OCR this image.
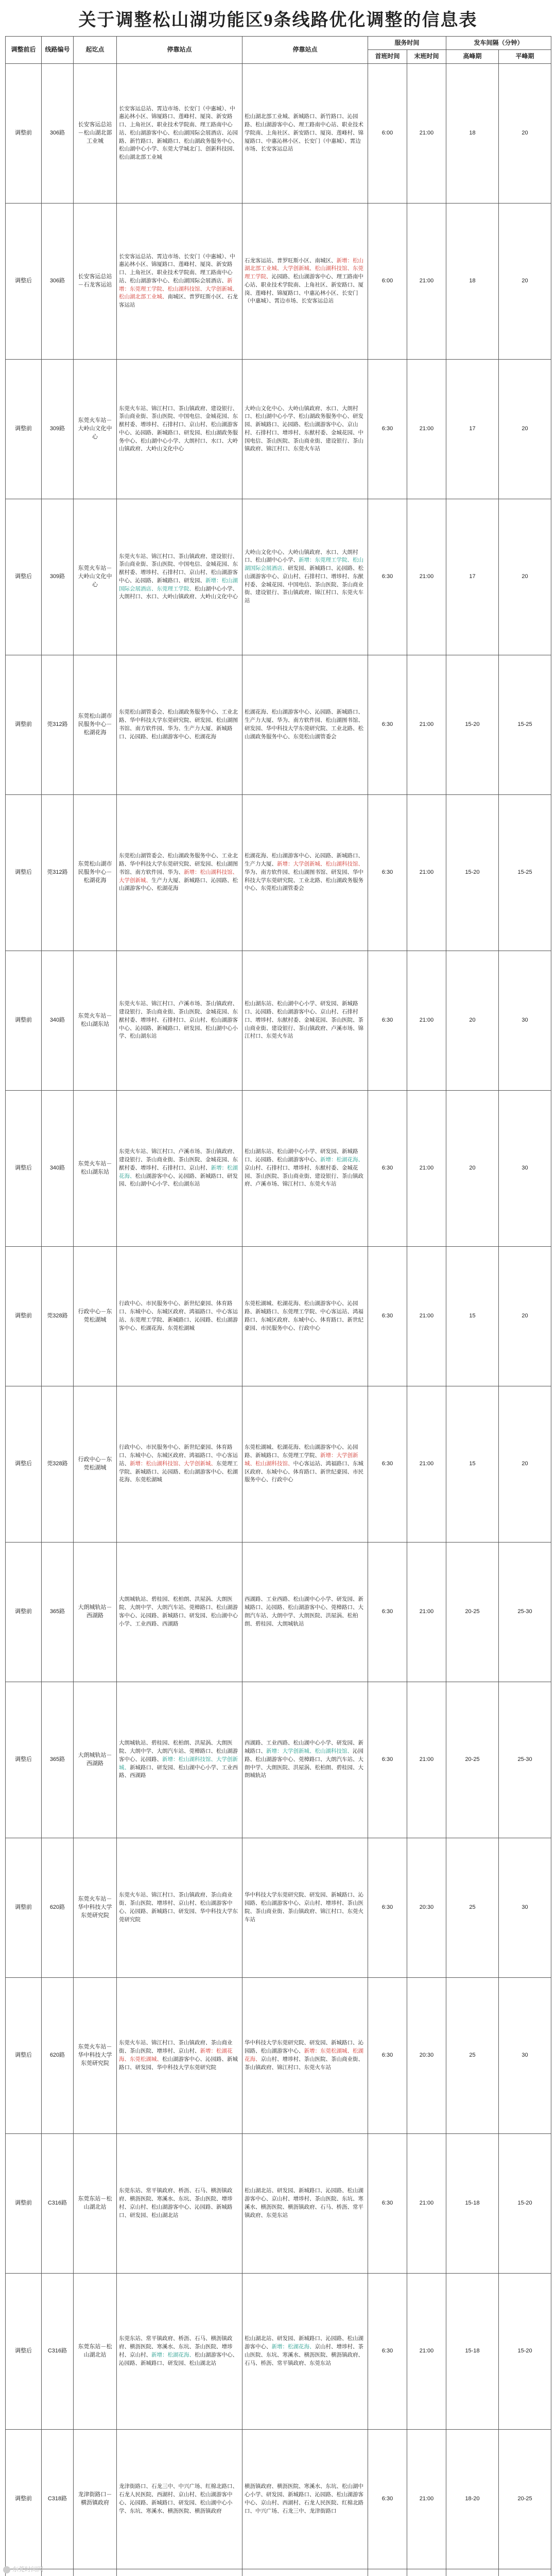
关于调整松山湖功能区9条线路优化调整的信息表
调整前后	线路编号	起讫点	停靠站点	停靠站点	服务时间		发车间隔（分钟）	
					首班时间	末班时间	高峰期	平峰期
调整前	306路	长安客运总站－松山湖北部工业城	长安客运总站、霄边市场、长安门（中惠城）、中惠沁林小区、锦厦路口、莲峰村、厦岗、新安路口、上角社区、职业技术学院南、理工路南中心站、松山湖游客中心、松山湖国际会展酒店、沁园路、新竹路口、新城路口、松山湖政务服务中心、松山湖中心小学、东莞大学城北门、创新科技园、松山湖北部工业城	松山湖北部工业城、新城路口、新竹路口、沁园路、松山湖游客中心、理工路南中心站、职业技术学院南、上角社区、新安路口、厦岗、莲峰村、锦厦路口、中惠沁林小区、长安门（中惠城）、霄边市场、长安客运总站	6:00	21:00	18	20
调整后	306路	长安客运总站－石龙客运站	长安客运总站、霄边市场、长安门（中惠城）、中惠沁林小区、锦厦路口、莲峰村、厦岗、新安路口、上角社区、职业技术学院南、理工路南中心站、松山湖游客中心、松山湖国际会展酒店、新增：东莞理工学院、松山湖科技馆、大学创新城、松山湖北部工业城、南城区、普罗旺斯小区、石龙客运站	石龙客运站、普罗旺斯小区、南城区、新增：松山湖北部工业城、大学创新城、松山湖科技馆、东莞理工学院、沁园路、松山湖游客中心、理工路南中心站、职业技术学院南、上角社区、新安路口、厦岗、莲峰村、锦厦路口、中惠沁林小区、长安门（中惠城）、霄边市场、长安客运总站	6:00	21:00	18	20
调整前	309路	东莞火车站－大岭山文化中心	东莞火车站、锦江村口、茶山镇政府、建设银行、茶山商业街、茶山医院、中国电信、金城花园、东猷村委、增埗村、石排村口、京山村、松山湖游客中心、沁园路、新城路口、研发园、松山湖政务服务中心、松山湖中心小学、大朗村口、水口、大岭山镇政府、大岭山文化中心	大岭山文化中心、大岭山镇政府、水口、大朗村口、松山湖中心小学、松山湖政务服务中心、研发园、新城路口、沁园路、松山湖游客中心、京山村、石排村口、增埗村、东猷村委、金城花园、中国电信、茶山医院、茶山商业街、建设银行、茶山镇政府、锦江村口、东莞火车站	6:30	21:00	17	20
调整后	309路	东莞火车站－大岭山文化中心	东莞火车站、锦江村口、茶山镇政府、建设银行、茶山商业街、茶山医院、中国电信、金城花园、东猷村委、增埗村、石排村口、京山村、松山湖游客中心、沁园路、新城路口、研发园、新增：松山湖国际会展酒店、东莞理工学院、松山湖中心小学、大朗村口、水口、大岭山镇政府、大岭山文化中心	大岭山文化中心、大岭山镇政府、水口、大朗村口、松山湖中心小学、新增：东莞理工学院、松山湖国际会展酒店、研发园、新城路口、沁园路、松山湖游客中心、京山村、石排村口、增埗村、东猷村委、金城花园、中国电信、茶山医院、茶山商业街、建设银行、茶山镇政府、锦江村口、东莞火车站	6:30	21:00	17	20
调整前	莞312路	东莞松山湖市民服务中心－松湖花海	东莞松山湖管委会、松山湖政务服务中心、工业北路、华中科技大学东莞研究院、研发园、松山湖图书馆、南方软件园、华为、生产力大厦、新城路口、沁园路、松山湖游客中心、松湖花海	松湖花海、松山湖游客中心、沁园路、新城路口、生产力大厦、华为、南方软件园、松山湖图书馆、研发园、华中科技大学东莞研究院、工业北路、松山湖政务服务中心、东莞松山湖管委会	6:30	21:00	15-20	15-25
调整后	莞312路	东莞松山湖市民服务中心－松湖花海	东莞松山湖管委会、松山湖政务服务中心、工业北路、华中科技大学东莞研究院、研发园、松山湖图书馆、南方软件园、华为、新增：松山湖科技馆、大学创新城、生产力大厦、新城路口、沁园路、松山湖游客中心、松湖花海	松湖花海、松山湖游客中心、沁园路、新城路口、生产力大厦、新增：大学创新城、松山湖科技馆、华为、南方软件园、松山湖图书馆、研发园、华中科技大学东莞研究院、工业北路、松山湖政务服务中心、东莞松山湖管委会	6:30	21:00	15-20	15-25
调整前	340路	东莞火车站－松山湖东站	东莞火车站、锦江村口、卢溪市场、茶山镇政府、建设银行、茶山商业街、茶山医院、金城花园、东猷村委、增埗村、石排村口、京山村、松山湖游客中心、沁园路、新城路口、研发园、松山湖中心小学、松山湖东站	松山湖东站、松山湖中心小学、研发园、新城路口、沁园路、松山湖游客中心、京山村、石排村口、增埗村、东猷村委、金城花园、茶山医院、茶山商业街、建设银行、茶山镇政府、卢溪市场、锦江村口、东莞火车站	6:30	21:00	20	30
调整后	340路	东莞火车站－松山湖东站	东莞火车站、锦江村口、卢溪市场、茶山镇政府、建设银行、茶山商业街、茶山医院、金城花园、东猷村委、增埗村、石排村口、京山村、新增：松湖花海、松山湖游客中心、沁园路、新城路口、研发园、松山湖中心小学、松山湖东站	松山湖东站、松山湖中心小学、研发园、新城路口、沁园路、松山湖游客中心、新增：松湖花海、京山村、石排村口、增埗村、东猷村委、金城花园、茶山医院、茶山商业街、建设银行、茶山镇政府、卢溪市场、锦江村口、东莞火车站	6:30	21:00	20	30
调整前	莞328路	行政中心－东莞松湖城	行政中心、市民服务中心、新世纪豪园、体育路口、东城中心、东城区政府、鸿福路口、中心客运站、东莞理工学院、新城路口、沁园路、松山湖游客中心、松湖花海、东莞松湖城	东莞松湖城、松湖花海、松山湖游客中心、沁园路、新城路口、东莞理工学院、中心客运站、鸿福路口、东城区政府、东城中心、体育路口、新世纪豪园、市民服务中心、行政中心	6:30	21:00	15	20
调整后	莞328路	行政中心－东莞松湖城	行政中心、市民服务中心、新世纪豪园、体育路口、东城中心、东城区政府、鸿福路口、中心客运站、新增：松山湖科技馆、大学创新城、东莞理工学院、新城路口、沁园路、松山湖游客中心、松湖花海、东莞松湖城	东莞松湖城、松湖花海、松山湖游客中心、沁园路、新城路口、东莞理工学院、新增：大学创新城、松山湖科技馆、中心客运站、鸿福路口、东城区政府、东城中心、体育路口、新世纪豪园、市民服务中心、行政中心	6:30	21:00	15	20
调整前	365路	大朗城轨站－西湖路	大朗城轨站、碧桂园、松柏朗、洪屋涡、大朗医院、大朗中学、大朗汽车站、莞樟路口、松山湖游客中心、沁园路、新城路口、研发园、松山湖中心小学、工业西路、西湖路	西湖路、工业西路、松山湖中心小学、研发园、新城路口、沁园路、松山湖游客中心、莞樟路口、大朗汽车站、大朗中学、大朗医院、洪屋涡、松柏朗、碧桂园、大朗城轨站	6:30	21:00	20-25	25-30
调整后	365路	大朗城轨站－西湖路	大朗城轨站、碧桂园、松柏朗、洪屋涡、大朗医院、大朗中学、大朗汽车站、莞樟路口、松山湖游客中心、沁园路、新增：松山湖科技馆、大学创新城、新城路口、研发园、松山湖中心小学、工业西路、西湖路	西湖路、工业西路、松山湖中心小学、研发园、新城路口、新增：大学创新城、松山湖科技馆、沁园路、松山湖游客中心、莞樟路口、大朗汽车站、大朗中学、大朗医院、洪屋涡、松柏朗、碧桂园、大朗城轨站	6:30	21:00	20-25	25-30
调整前	620路	东莞火车站－华中科技大学东莞研究院	东莞火车站、锦江村口、茶山镇政府、茶山商业街、茶山医院、增埗村、京山村、松山湖游客中心、沁园路、新城路口、研发园、华中科技大学东莞研究院	华中科技大学东莞研究院、研发园、新城路口、沁园路、松山湖游客中心、京山村、增埗村、茶山医院、茶山商业街、茶山镇政府、锦江村口、东莞火车站	6:30	20:30	25	30
调整后	620路	东莞火车站－华中科技大学东莞研究院	东莞火车站、锦江村口、茶山镇政府、茶山商业街、茶山医院、增埗村、京山村、新增：松湖花海、东莞松湖城、松山湖游客中心、沁园路、新城路口、研发园、华中科技大学东莞研究院	华中科技大学东莞研究院、研发园、新城路口、沁园路、松山湖游客中心、新增：东莞松湖城、松湖花海、京山村、增埗村、茶山医院、茶山商业街、茶山镇政府、锦江村口、东莞火车站	6:30	20:30	25	30
调整前	C316路	东莞东站－松山湖北站	东莞东站、常平镇政府、桥沥、石马、横沥镇政府、横沥医院、寒溪水、东坑、茶山医院、增埗村、京山村、松山湖游客中心、沁园路、新城路口、研发园、松山湖北站	松山湖北站、研发园、新城路口、沁园路、松山湖游客中心、京山村、增埗村、茶山医院、东坑、寒溪水、横沥医院、横沥镇政府、石马、桥沥、常平镇政府、东莞东站	6:30	21:00	15-18	15-20
调整后	C316路	东莞东站－松山湖北站	东莞东站、常平镇政府、桥沥、石马、横沥镇政府、横沥医院、寒溪水、东坑、茶山医院、增埗村、京山村、新增：松湖花海、松山湖游客中心、沁园路、新城路口、研发园、松山湖北站	松山湖北站、研发园、新城路口、沁园路、松山湖游客中心、新增：松湖花海、京山村、增埗村、茶山医院、东坑、寒溪水、横沥医院、横沥镇政府、石马、桥沥、常平镇政府、东莞东站	6:30	21:00	15-18	15-20
调整前	C318路	龙津街路口－横沥镇政府	龙津街路口、石龙三中、中兴广场、红棉北路口、石龙人民医院、西湖村、京山村、松山湖游客中心、沁园路、新城路口、研发园、松山湖中心小学、东坑、寒溪水、横沥医院、横沥镇政府	横沥镇政府、横沥医院、寒溪水、东坑、松山湖中心小学、研发园、新城路口、沁园路、松山湖游客中心、京山村、西湖村、石龙人民医院、红棉北路口、中兴广场、石龙三中、龙津街路口	6:30	21:00	18-20	20-25

东莞时间网
